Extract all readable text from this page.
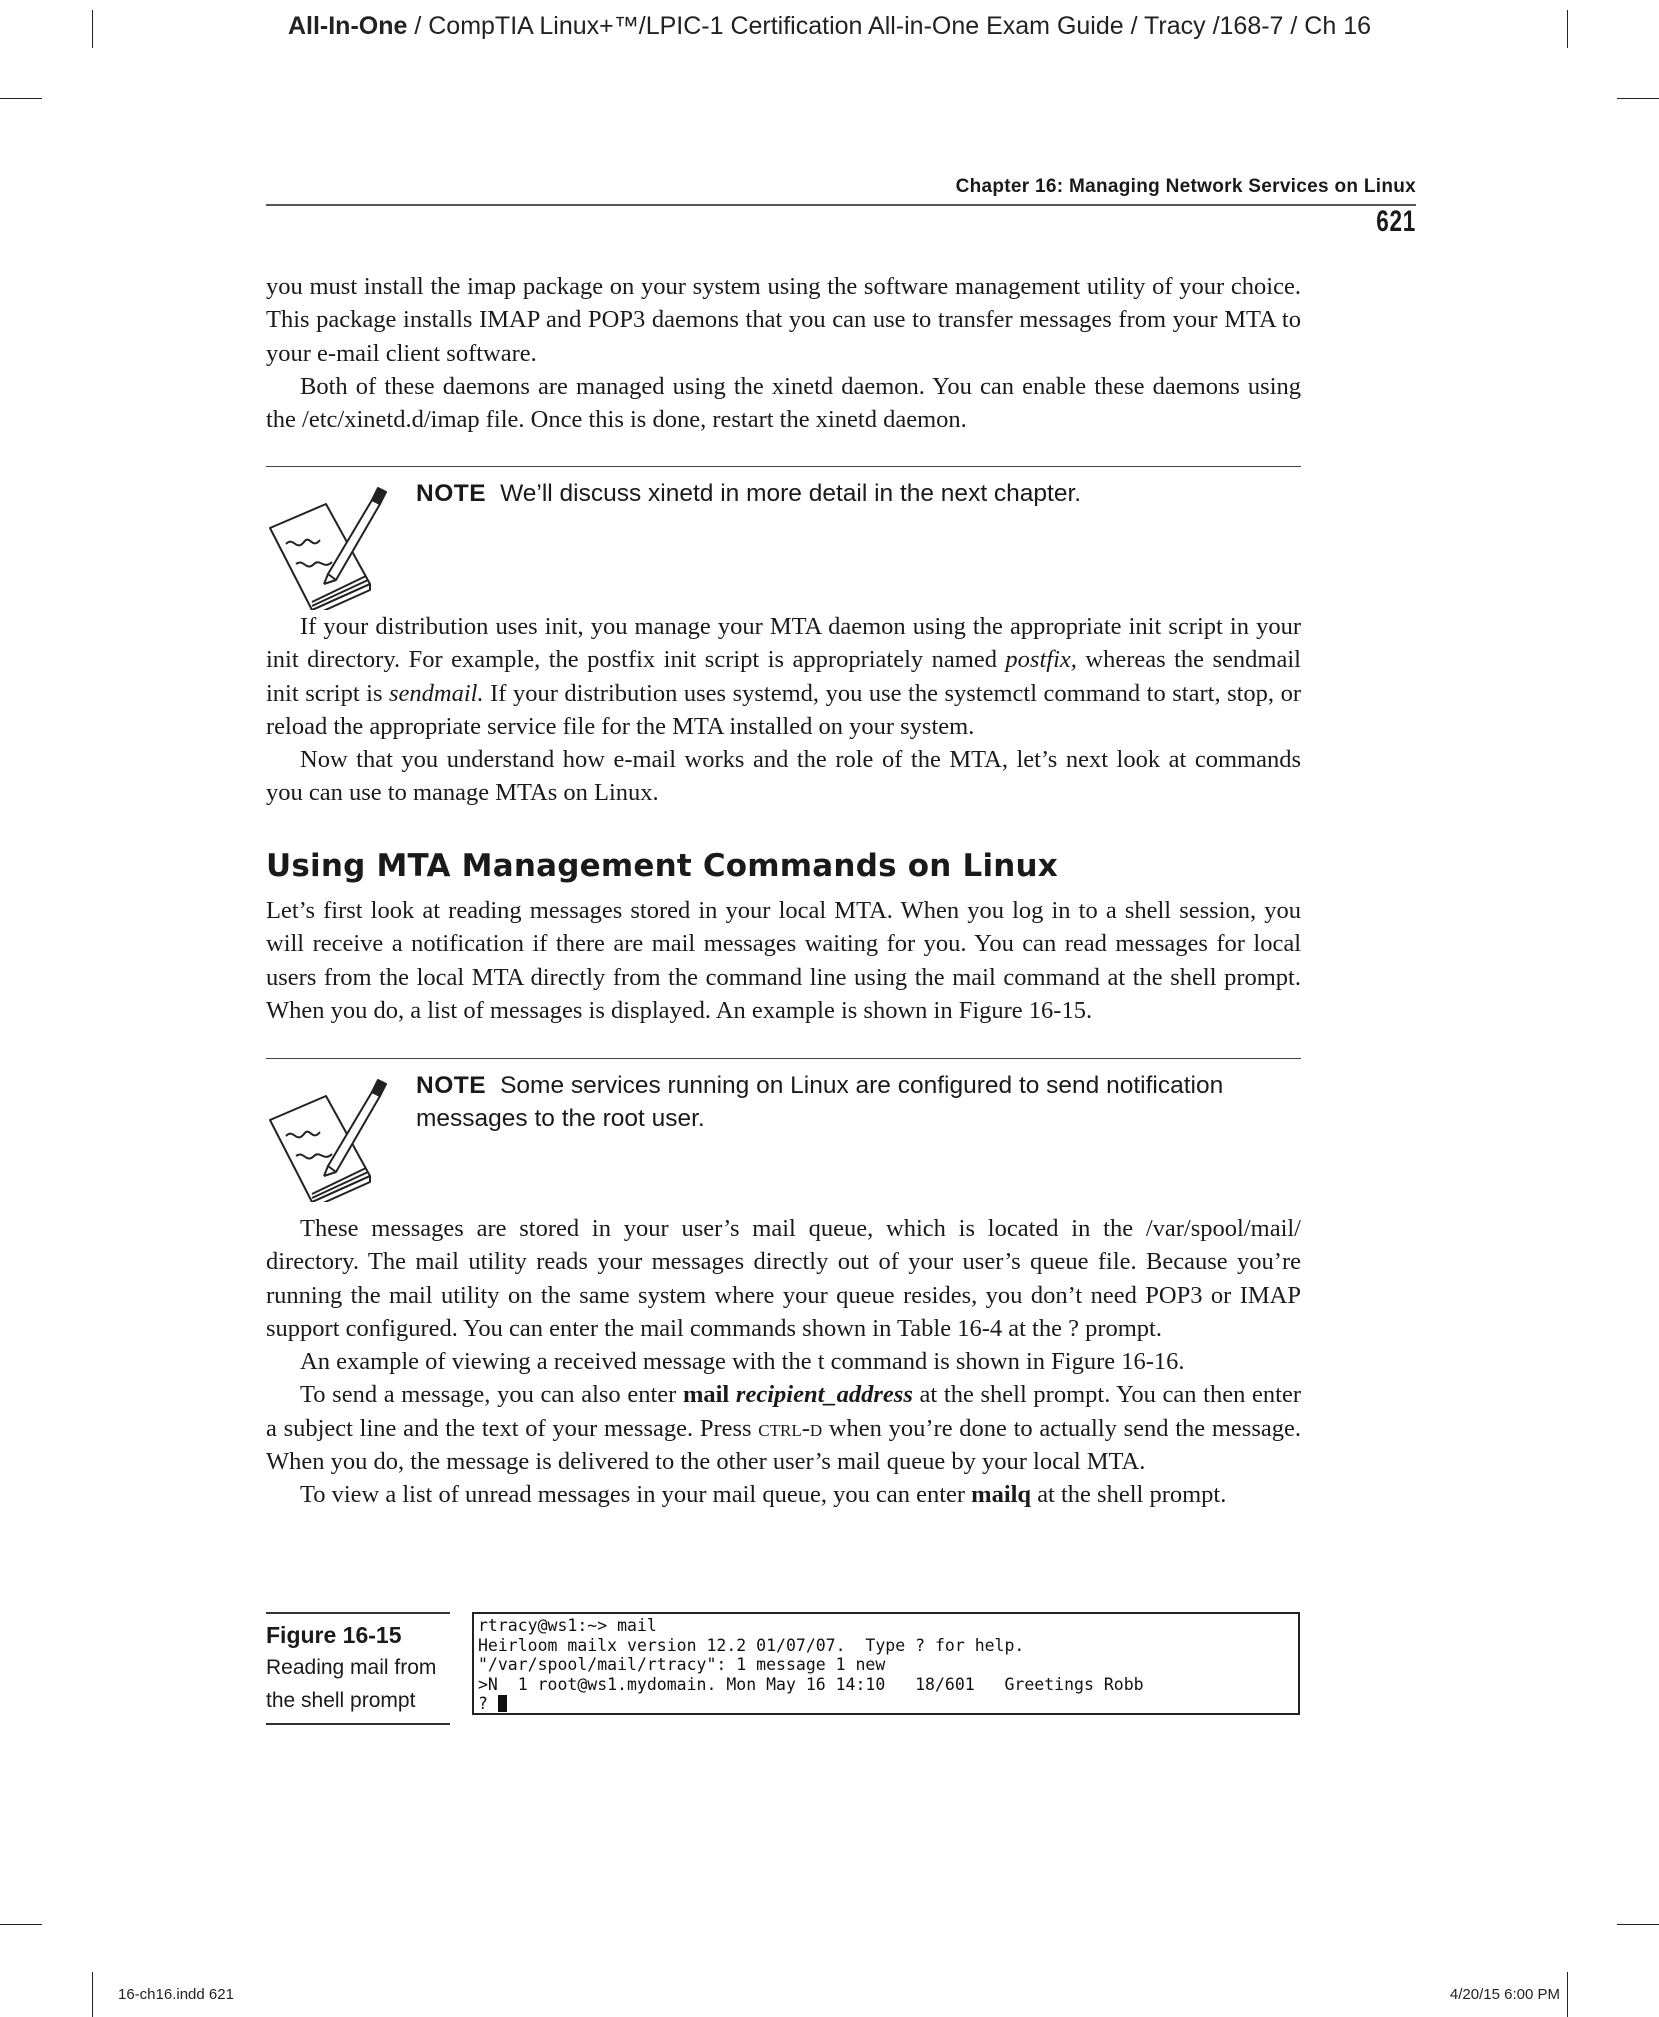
All-In-One / CompTIA Linux+™/LPIC-1 Certification All-in-One Exam Guide / Tracy /168-7 / Ch 16
Chapter 16: Managing Network Services on Linux
621

you must install the imap package on your system using the software management utility of your choice. This package installs IMAP and POP3 daemons that you can use to transfer messages from your MTA to your e-mail client software.

Both of these daemons are managed using the xinetd daemon. You can enable these daemons using the /etc/xinetd.d/imap file. Once this is done, restart the xinetd daemon.

NOTE We’ll discuss xinetd in more detail in the next chapter.

If your distribution uses init, you manage your MTA daemon using the appropriate init script in your init directory. For example, the postfix init script is appropriately named postfix, whereas the sendmail init script is sendmail. If your distribution uses systemd, you use the systemctl command to start, stop, or reload the appropriate service file for the MTA installed on your system.

Now that you understand how e-mail works and the role of the MTA, let’s next look at commands you can use to manage MTAs on Linux.

Using MTA Management Commands on Linux

Let’s first look at reading messages stored in your local MTA. When you log in to a shell session, you will receive a notification if there are mail messages waiting for you. You can read messages for local users from the local MTA directly from the command line using the mail command at the shell prompt. When you do, a list of messages is displayed. An example is shown in Figure 16-15.

NOTE Some services running on Linux are configured to send notification messages to the root user.

These messages are stored in your user’s mail queue, which is located in the /var/spool/mail/ directory. The mail utility reads your messages directly out of your user’s queue file. Because you’re running the mail utility on the same system where your queue resides, you don’t need POP3 or IMAP support configured. You can enter the mail commands shown in Table 16-4 at the ? prompt.

An example of viewing a received message with the t command is shown in Figure 16-16.

To send a message, you can also enter mail recipient_address at the shell prompt. You can then enter a subject line and the text of your message. Press ctrl-d when you’re done to actually send the message. When you do, the message is delivered to the other user’s mail queue by your local MTA.

To view a list of unread messages in your mail queue, you can enter mailq at the shell prompt.

Figure 16-15
Reading mail from
the shell prompt
rtracy@ws1:~> mail
Heirloom mailx version 12.2 01/07/07.  Type ? for help.
"/var/spool/mail/rtracy": 1 message 1 new
>N  1 root@ws1.mydomain. Mon May 16 14:10   18/601   Greetings Robb
?
16-ch16.indd 621	4/20/15 6:00 PM
